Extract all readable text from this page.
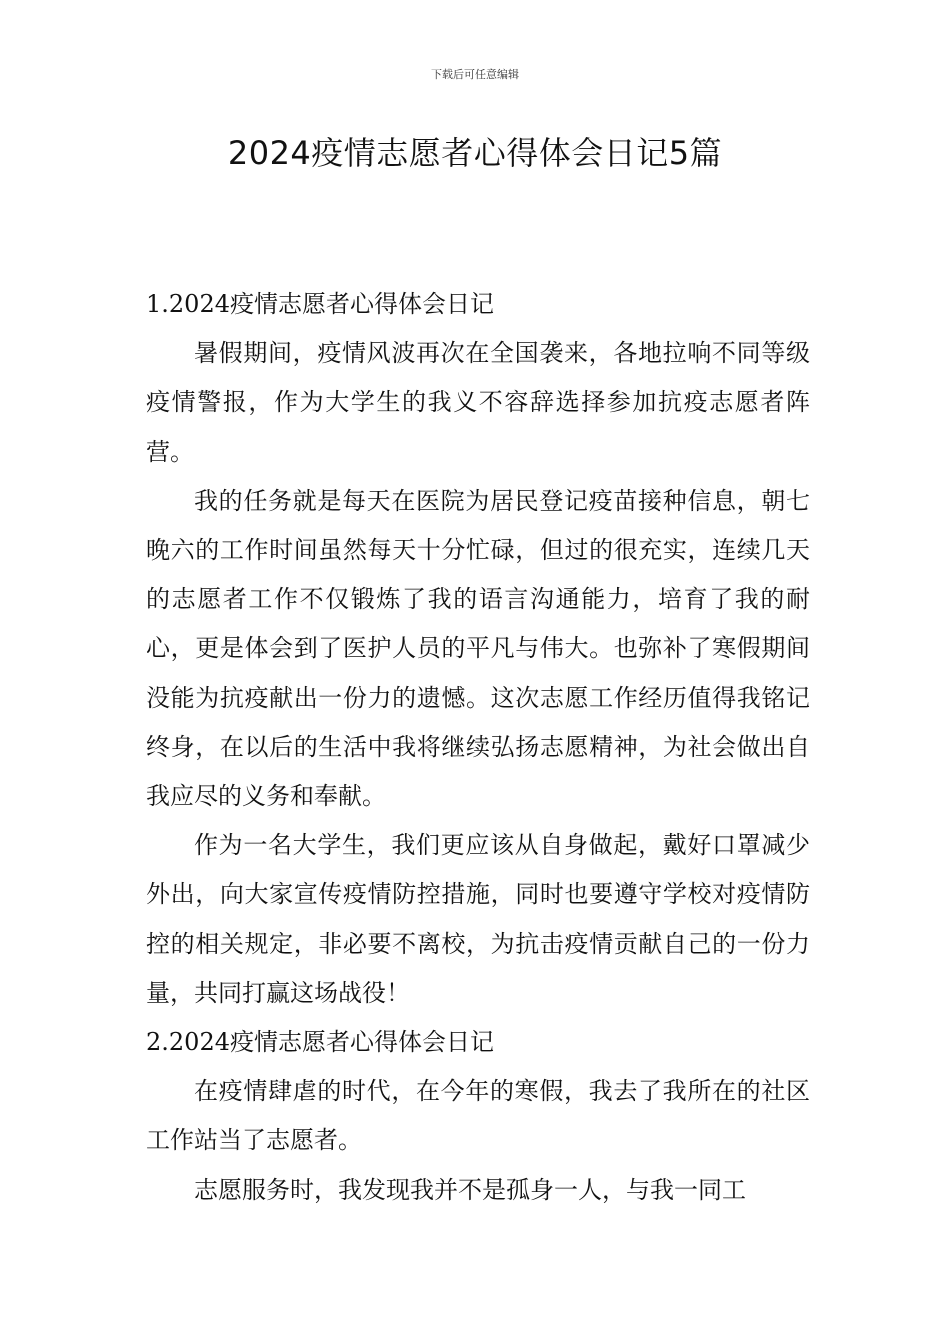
下载后可任意编辑
2024疫情志愿者心得体会日记5篇

1.2024疫情志愿者心得体会日记

暑假期间，疫情风波再次在全国袭来，各地拉响不同等级疫情警报，作为大学生的我义不容辞选择参加抗疫志愿者阵营。

我的任务就是每天在医院为居民登记疫苗接种信息，朝七晚六的工作时间虽然每天十分忙碌，但过的很充实，连续几天的志愿者工作不仅锻炼了我的语言沟通能力，培育了我的耐心，更是体会到了医护人员的平凡与伟大。也弥补了寒假期间没能为抗疫献出一份力的遗憾。这次志愿工作经历值得我铭记终身，在以后的生活中我将继续弘扬志愿精神，为社会做出自我应尽的义务和奉献。

作为一名大学生，我们更应该从自身做起，戴好口罩减少外出，向大家宣传疫情防控措施，同时也要遵守学校对疫情防控的相关规定，非必要不离校，为抗击疫情贡献自己的一份力量，共同打赢这场战役！

2.2024疫情志愿者心得体会日记

在疫情肆虐的时代，在今年的寒假，我去了我所在的社区工作站当了志愿者。

志愿服务时，我发现我并不是孤身一人，与我一同工
